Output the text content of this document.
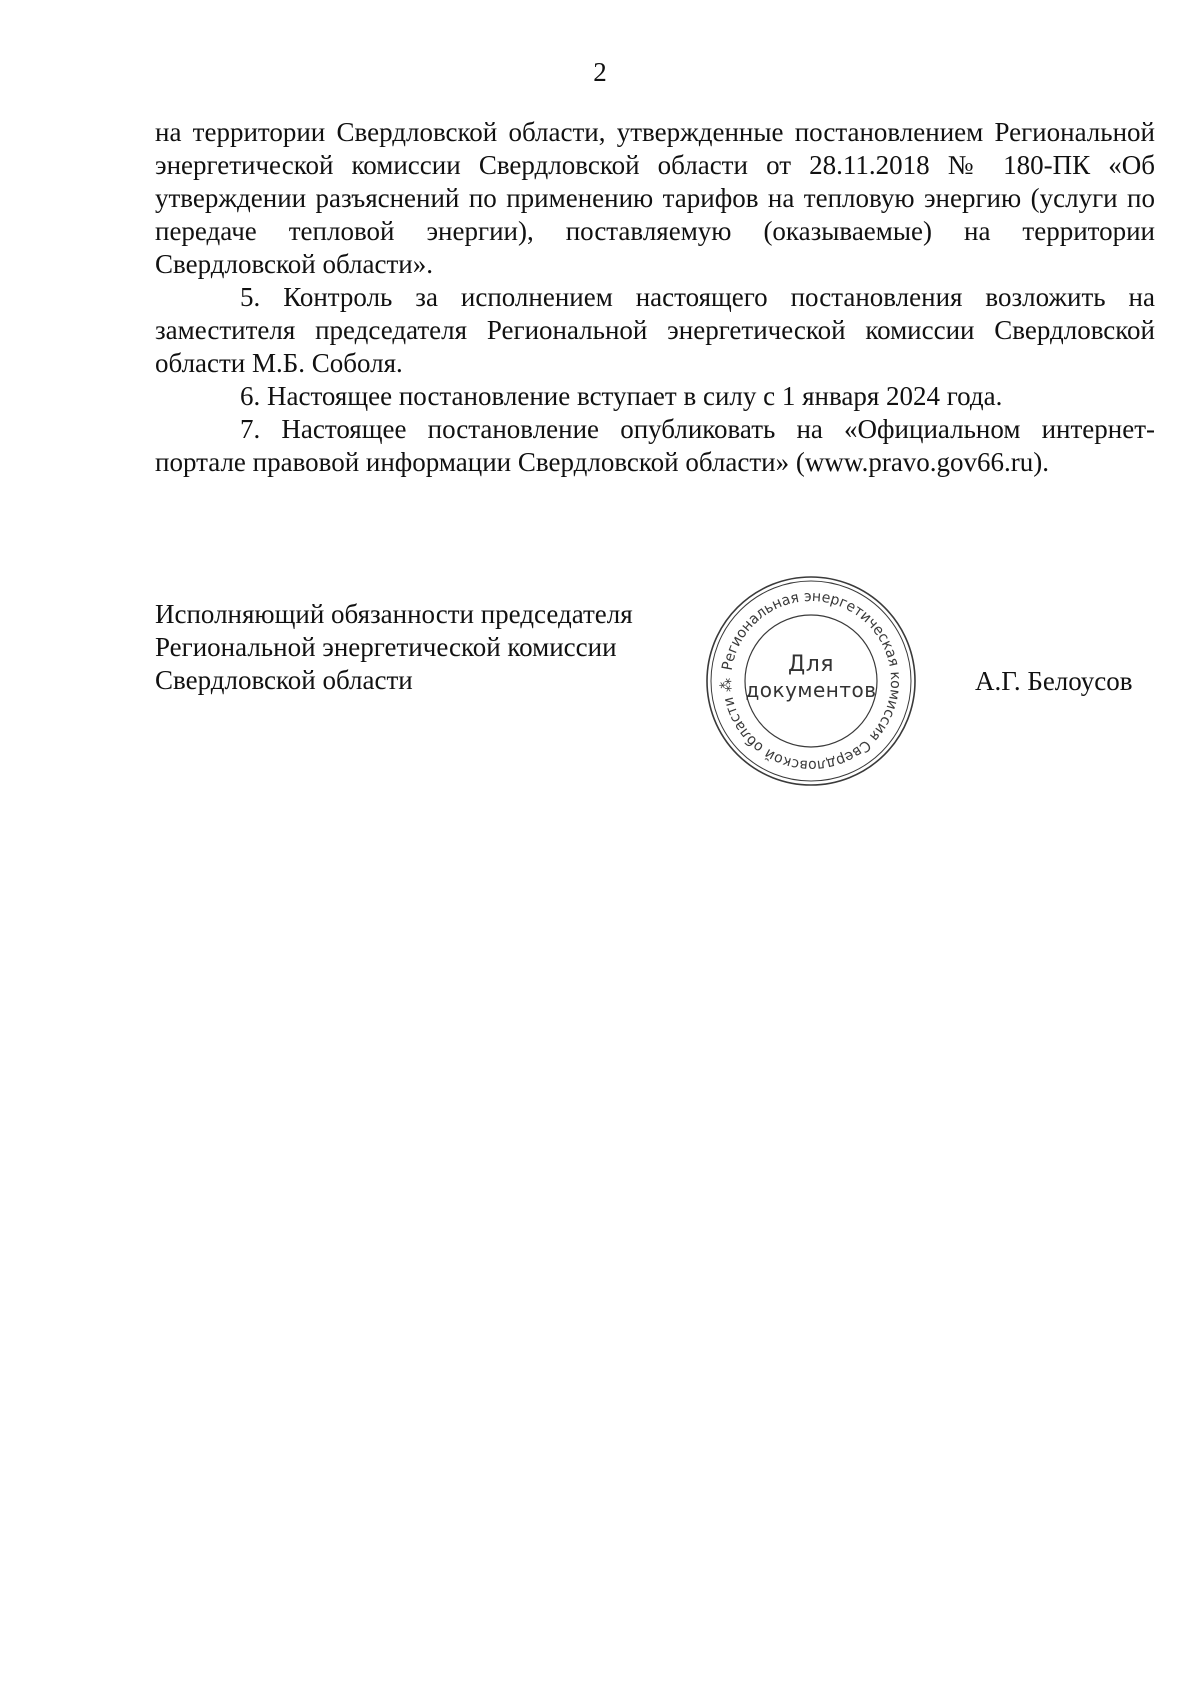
2

на территории Свердловской области, утвержденные постановлением Региональной энергетической комиссии Свердловской области от 28.11.2018 № 180-ПК «Об утверждении разъяснений по применению тарифов на тепловую энергию (услуги по передаче тепловой энергии), поставляемую (оказываемые) на территории Свердловской области».

5. Контроль за исполнением настоящего постановления возложить на заместителя председателя Региональной энергетической комиссии Свердловской области М.Б. Соболя.

6. Настоящее постановление вступает в силу с 1 января 2024 года.

7. Настоящее постановление опубликовать на «Официальном интернет-портале правовой информации Свердловской области» (www.pravo.gov66.ru).

Исполняющий обязанности председателя
Региональной энергетической комиссии
Свердловской области	Региональная энергетическая комиссия Свердловской области ⁂
Для
документов	А.Г. Белоусов
